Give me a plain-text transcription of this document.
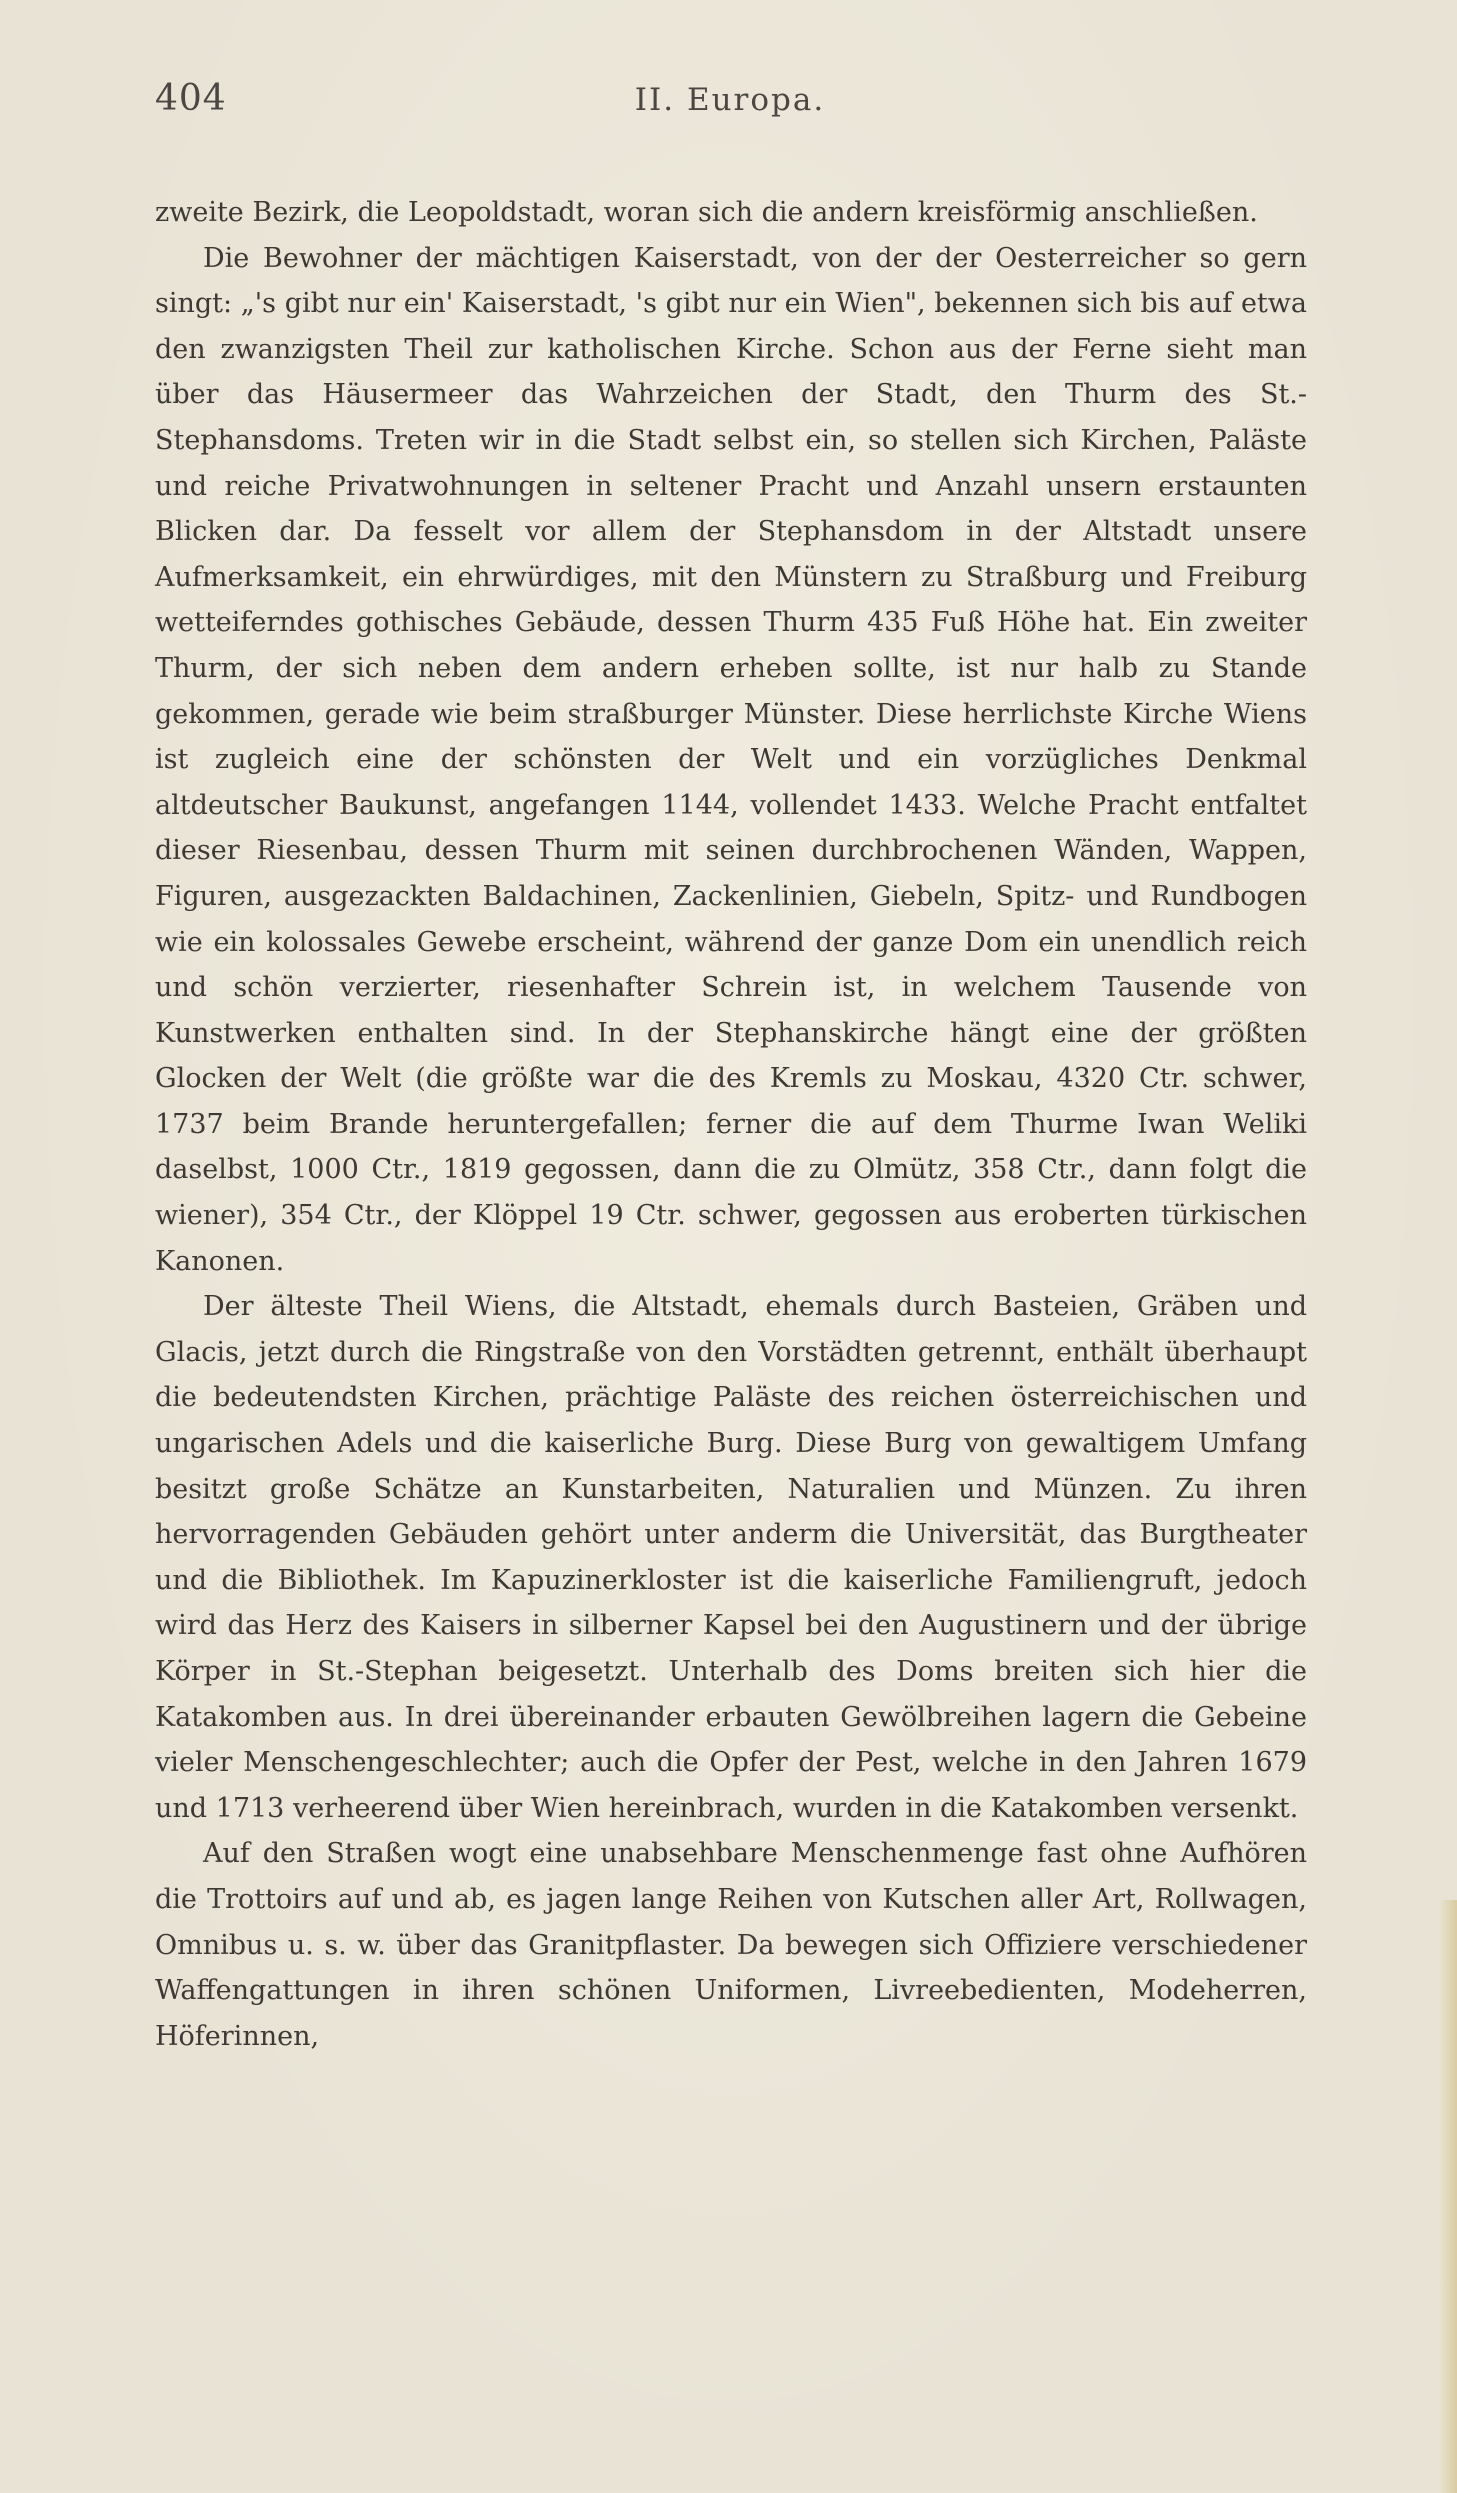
404	II. Europa.

zweite Bezirk, die Leopoldstadt, woran sich die andern kreisförmig anschließen.

Die Bewohner der mächtigen Kaiserstadt, von der der Oesterreicher so gern singt: „'s gibt nur ein' Kaiserstadt, 's gibt nur ein Wien", bekennen sich bis auf etwa den zwanzigsten Theil zur katholischen Kirche. Schon aus der Ferne sieht man über das Häusermeer das Wahrzeichen der Stadt, den Thurm des St.-Stephansdoms. Treten wir in die Stadt selbst ein, so stellen sich Kirchen, Paläste und reiche Privatwohnungen in seltener Pracht und Anzahl unsern erstaunten Blicken dar. Da fesselt vor allem der Stephansdom in der Altstadt unsere Aufmerksamkeit, ein ehrwürdiges, mit den Münstern zu Straßburg und Freiburg wetteiferndes gothisches Gebäude, dessen Thurm 435 Fuß Höhe hat. Ein zweiter Thurm, der sich neben dem andern erheben sollte, ist nur halb zu Stande gekommen, gerade wie beim straßburger Münster. Diese herrlichste Kirche Wiens ist zugleich eine der schönsten der Welt und ein vorzügliches Denkmal altdeutscher Baukunst, angefangen 1144, vollendet 1433. Welche Pracht entfaltet dieser Riesenbau, dessen Thurm mit seinen durchbrochenen Wänden, Wappen, Figuren, ausgezackten Baldachinen, Zackenlinien, Giebeln, Spitz- und Rundbogen wie ein kolossales Gewebe erscheint, während der ganze Dom ein unendlich reich und schön verzierter, riesenhafter Schrein ist, in welchem Tausende von Kunstwerken enthalten sind. In der Stephanskirche hängt eine der größten Glocken der Welt (die größte war die des Kremls zu Moskau, 4320 Ctr. schwer, 1737 beim Brande heruntergefallen; ferner die auf dem Thurme Iwan Weliki daselbst, 1000 Ctr., 1819 gegossen, dann die zu Olmütz, 358 Ctr., dann folgt die wiener), 354 Ctr., der Klöppel 19 Ctr. schwer, gegossen aus eroberten türkischen Kanonen.

Der älteste Theil Wiens, die Altstadt, ehemals durch Basteien, Gräben und Glacis, jetzt durch die Ringstraße von den Vorstädten getrennt, enthält überhaupt die bedeutendsten Kirchen, prächtige Paläste des reichen österreichischen und ungarischen Adels und die kaiserliche Burg. Diese Burg von gewaltigem Umfang besitzt große Schätze an Kunstarbeiten, Naturalien und Münzen. Zu ihren hervorragenden Gebäuden gehört unter anderm die Universität, das Burgtheater und die Bibliothek. Im Kapuzinerkloster ist die kaiserliche Familiengruft, jedoch wird das Herz des Kaisers in silberner Kapsel bei den Augustinern und der übrige Körper in St.-Stephan beigesetzt. Unterhalb des Doms breiten sich hier die Katakomben aus. In drei übereinander erbauten Gewölbreihen lagern die Gebeine vieler Menschengeschlechter; auch die Opfer der Pest, welche in den Jahren 1679 und 1713 verheerend über Wien hereinbrach, wurden in die Katakomben versenkt.

Auf den Straßen wogt eine unabsehbare Menschenmenge fast ohne Aufhören die Trottoirs auf und ab, es jagen lange Reihen von Kutschen aller Art, Rollwagen, Omnibus u. s. w. über das Granitpflaster. Da bewegen sich Offiziere verschiedener Waffengattungen in ihren schönen Uniformen, Livreebedienten, Modeherren, Höferinnen,
